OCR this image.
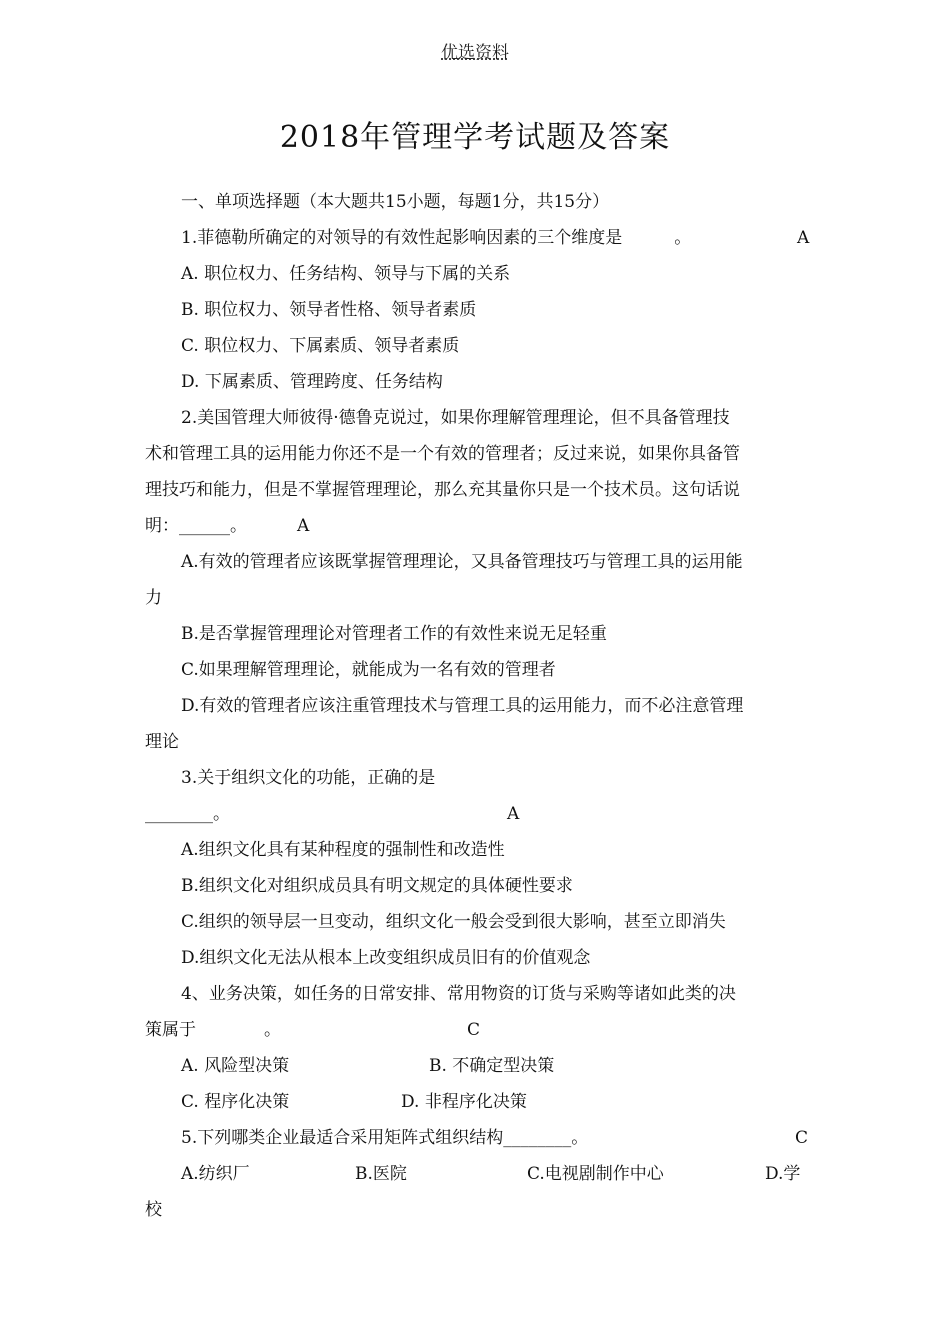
优选资料
2018年管理学考试题及答案
一、单项选择题（本大题共15小题，每题1分，共15分）
1.菲德勒所确定的对领导的有效性起影响因素的三个维度是	。	A
A. 职位权力、任务结构、领导与下属的关系
B. 职位权力、领导者性格、领导者素质
C. 职位权力、下属素质、领导者素质
D. 下属素质、管理跨度、任务结构
2.美国管理大师彼得·德鲁克说过，如果你理解管理理论，但不具备管理技
术和管理工具的运用能力你还不是一个有效的管理者；反过来说，如果你具备管
理技巧和能力，但是不掌握管理理论，那么充其量你只是一个技术员。这句话说
明：______。	A
A.有效的管理者应该既掌握管理理论，又具备管理技巧与管理工具的运用能
力
B.是否掌握管理理论对管理者工作的有效性来说无足轻重
C.如果理解管理理论，就能成为一名有效的管理者
D.有效的管理者应该注重管理技术与管理工具的运用能力，而不必注意管理
理论
3.关于组织文化的功能，正确的是
________。	A
A.组织文化具有某种程度的强制性和改造性
B.组织文化对组织成员具有明文规定的具体硬性要求
C.组织的领导层一旦变动，组织文化一般会受到很大影响，甚至立即消失
D.组织文化无法从根本上改变组织成员旧有的价值观念
4、业务决策，如任务的日常安排、常用物资的订货与采购等诸如此类的决
策属于	。	C
A. 风险型决策	B. 不确定型决策
C. 程序化决策	D. 非程序化决策
5.下列哪类企业最适合采用矩阵式组织结构________。	C
A.纺织厂	B.医院	C.电视剧制作中心	D.学
校
